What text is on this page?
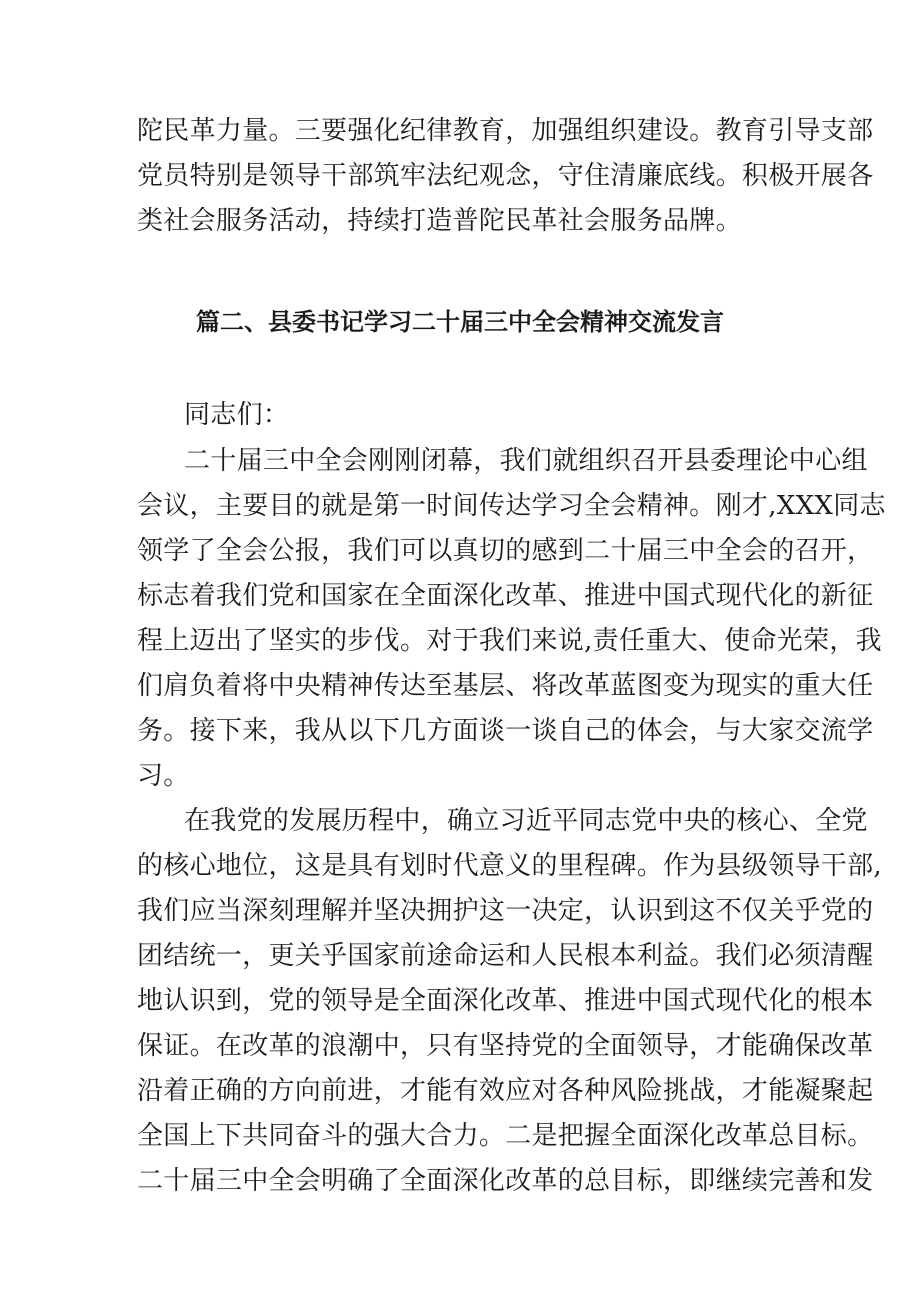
陀民革力量。三要强化纪律教育，加强组织建设。教育引导支部
党员特别是领导干部筑牢法纪观念，守住清廉底线。积极开展各
类社会服务活动，持续打造普陀民革社会服务品牌。
篇二、县委书记学习二十届三中全会精神交流发言
同志们：
二十届三中全会刚刚闭幕，我们就组织召开县委理论中心组
会议，主要目的就是第一时间传达学习全会精神。刚才,XXX同志
领学了全会公报，我们可以真切的感到二十届三中全会的召开，
标志着我们党和国家在全面深化改革、推进中国式现代化的新征
程上迈出了坚实的步伐。对于我们来说,责任重大、使命光荣，我
们肩负着将中央精神传达至基层、将改革蓝图变为现实的重大任
务。接下来，我从以下几方面谈一谈自己的体会，与大家交流学
习。
在我党的发展历程中，确立习近平同志党中央的核心、全党
的核心地位，这是具有划时代意义的里程碑。作为县级领导干部,
我们应当深刻理解并坚决拥护这一决定，认识到这不仅关乎党的
团结统一，更关乎国家前途命运和人民根本利益。我们必须清醒
地认识到，党的领导是全面深化改革、推进中国式现代化的根本
保证。在改革的浪潮中，只有坚持党的全面领导，才能确保改革
沿着正确的方向前进，才能有效应对各种风险挑战，才能凝聚起
全国上下共同奋斗的强大合力。二是把握全面深化改革总目标。
二十届三中全会明确了全面深化改革的总目标，即继续完善和发
